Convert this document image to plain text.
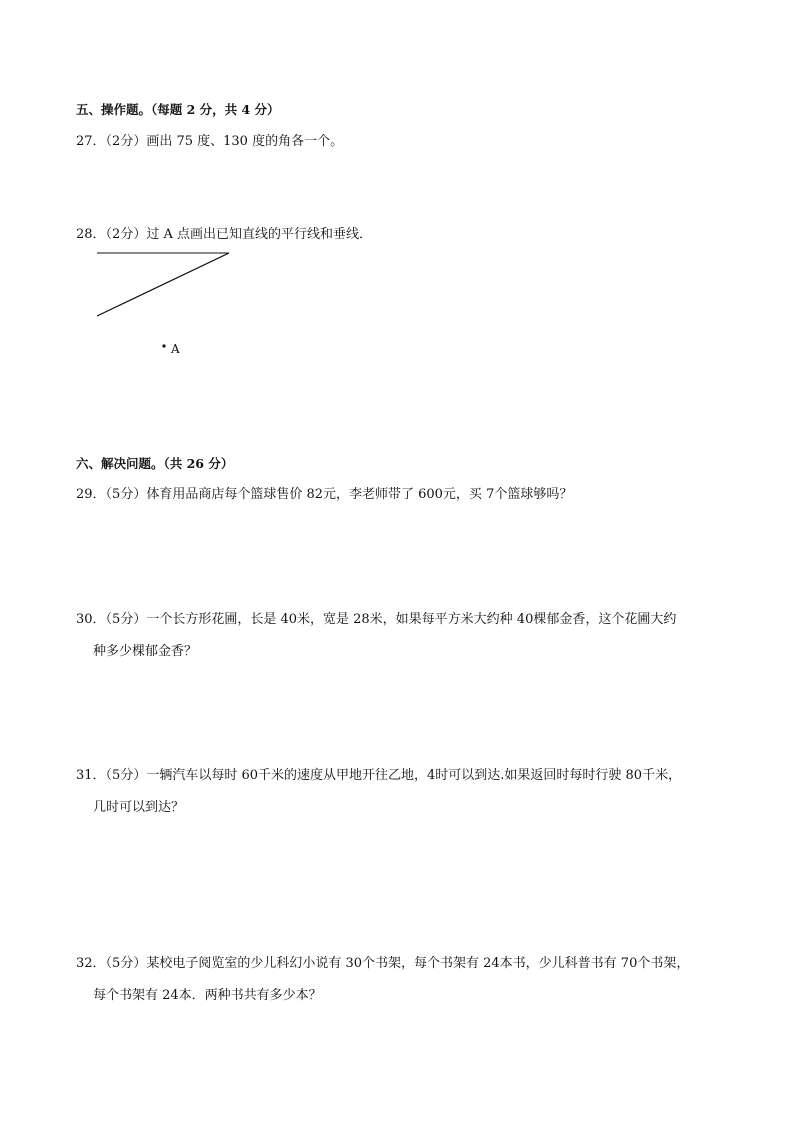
五、操作题。（每题 2 分，共 4 分）
27．（2分）画出 75 度、130 度的角各一个。
28．（2分）过 A 点画出已知直线的平行线和垂线．
A
六、解决问题。（共 26 分）
29．（5分）体育用品商店每个篮球售价 82元，李老师带了 600元，买 7个篮球够吗？
30．（5分）一个长方形花圃，长是 40米，宽是 28米，如果每平方米大约种 40棵郁金香，这个花圃大约
种多少棵郁金香？
31．（5分）一辆汽车以每时 60千米的速度从甲地开往乙地，4时可以到达.如果返回时每时行驶 80千米，
几时可以到达？
32．（5分）某校电子阅览室的少儿科幻小说有 30个书架，每个书架有 24本书，少儿科普书有 70个书架，
每个书架有 24本．两种书共有多少本？
